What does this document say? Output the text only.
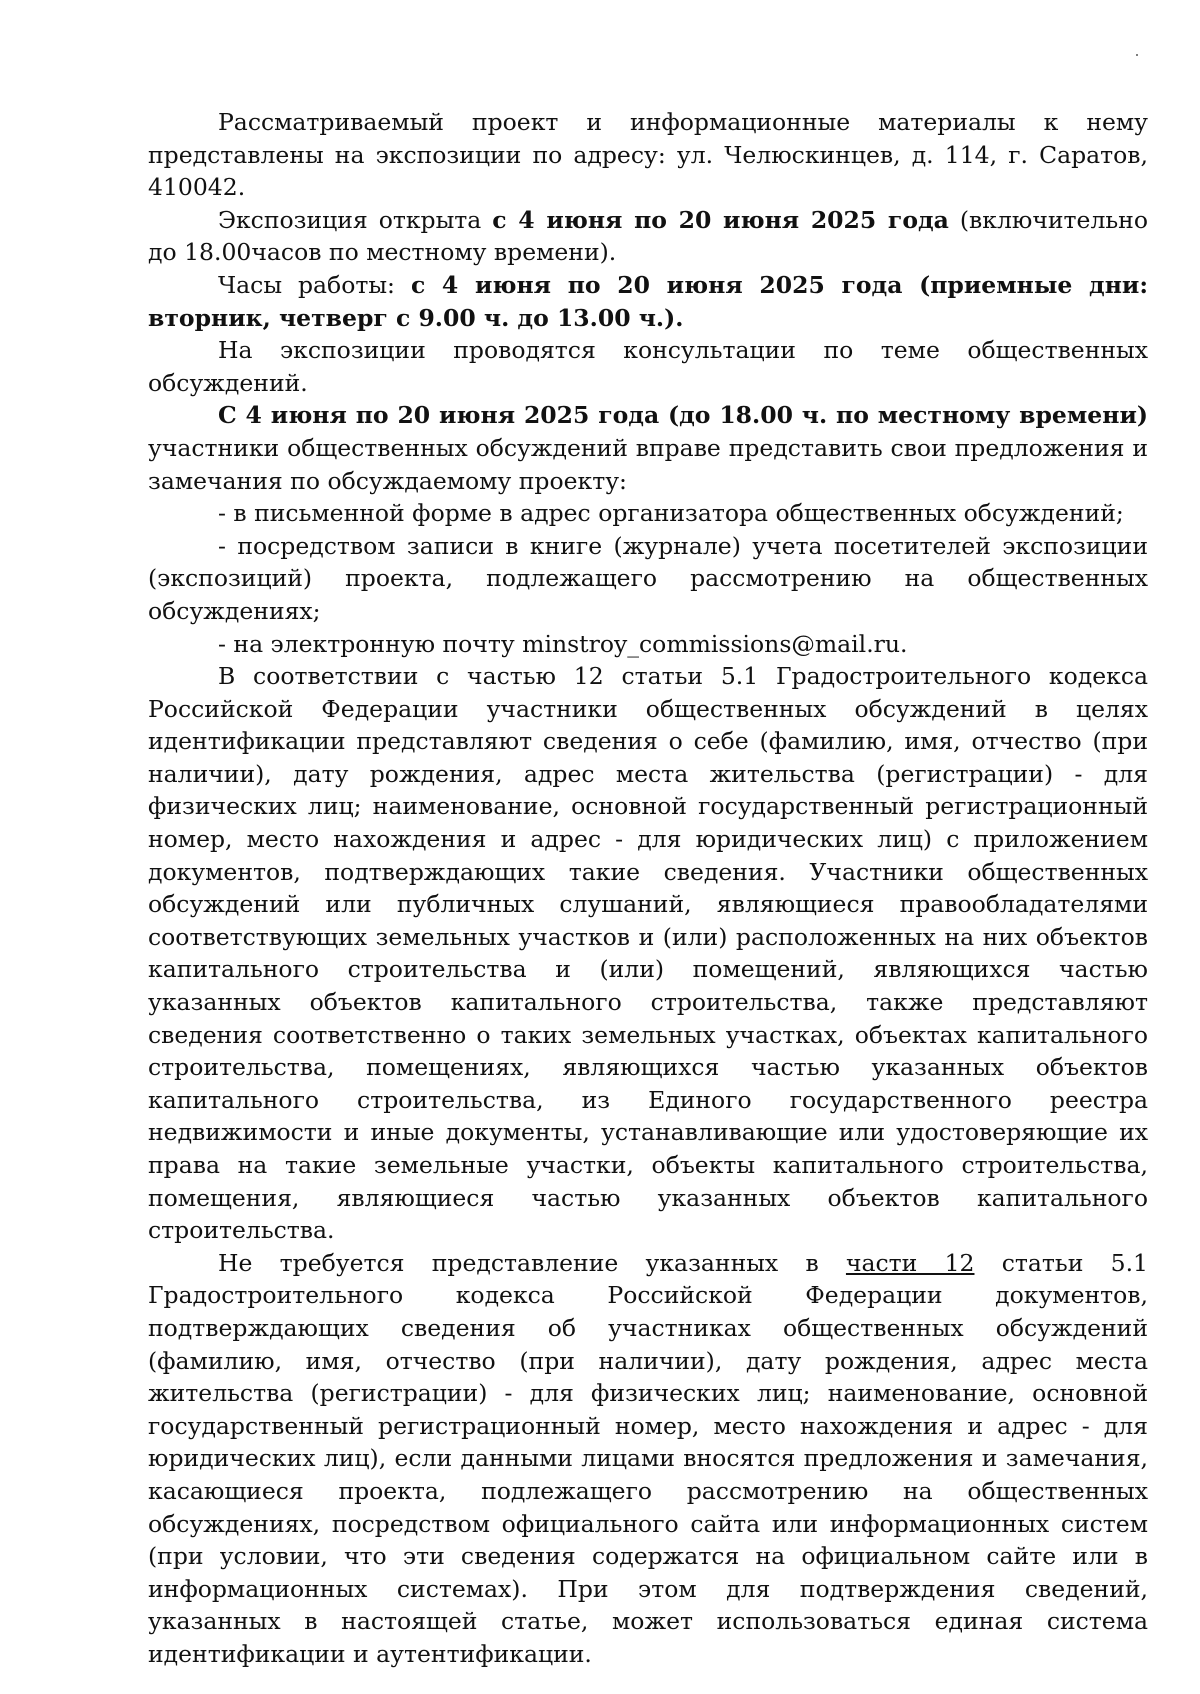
Рассматриваемый проект и информационные материалы к нему представлены на экспозиции по адресу: ул. Челюскинцев, д. 114, г. Саратов, 410042.

Экспозиция открыта с 4 июня по 20 июня 2025 года (включительно до 18.00часов по местному времени).

Часы работы: с 4 июня по 20 июня 2025 года (приемные дни: вторник, четверг с 9.00 ч. до 13.00 ч.).

На экспозиции проводятся консультации по теме общественных обсуждений.

С 4 июня по 20 июня 2025 года (до 18.00 ч. по местному времени) участники общественных обсуждений вправе представить свои предложения и замечания по обсуждаемому проекту:

- в письменной форме в адрес организатора общественных обсуждений;

- посредством записи в книге (журнале) учета посетителей экспозиции (экспозиций) проекта, подлежащего рассмотрению на общественных обсуждениях;

- на электронную почту minstroy_commissions@mail.ru.

В соответствии с частью 12 статьи 5.1 Градостроительного кодекса Российской Федерации участники общественных обсуждений в целях идентификации представляют сведения о себе (фамилию, имя, отчество (при наличии), дату рождения, адрес места жительства (регистрации) - для физических лиц; наименование, основной государственный регистрационный номер, место нахождения и адрес - для юридических лиц) с приложением документов, подтверждающих такие сведения. Участники общественных обсуждений или публичных слушаний, являющиеся правообладателями соответствующих земельных участков и (или) расположенных на них объектов капитального строительства и (или) помещений, являющихся частью указанных объектов капитального строительства, также представляют сведения соответственно о таких земельных участках, объектах капитального строительства, помещениях, являющихся частью указанных объектов капитального строительства, из Единого государственного реестра недвижимости и иные документы, устанавливающие или удостоверяющие их права на такие земельные участки, объекты капитального строительства, помещения, являющиеся частью указанных объектов капитального строительства.

Не требуется представление указанных в части 12 статьи 5.1 Градостроительного кодекса Российской Федерации документов, подтверждающих сведения об участниках общественных обсуждений (фамилию, имя, отчество (при наличии), дату рождения, адрес места жительства (регистрации) - для физических лиц; наименование, основной государственный регистрационный номер, место нахождения и адрес - для юридических лиц), если данными лицами вносятся предложения и замечания, касающиеся проекта, подлежащего рассмотрению на общественных обсуждениях, посредством официального сайта или информационных систем (при условии, что эти сведения содержатся на официальном сайте или в информационных системах). При этом для подтверждения сведений, указанных в настоящей статье, может использоваться единая система идентификации и аутентификации.
